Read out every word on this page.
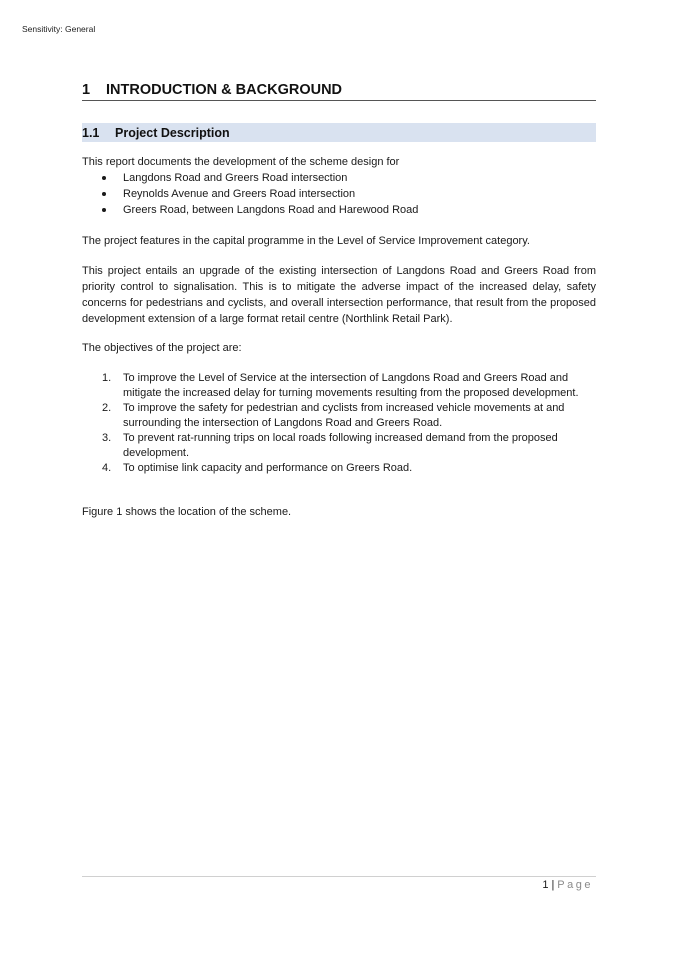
Sensitivity: General
1	INTRODUCTION & BACKGROUND
1.1	Project Description

This report documents the development of the scheme design for

Langdons Road and Greers Road intersection
Reynolds Avenue and Greers Road intersection
Greers Road, between Langdons Road and Harewood Road

The project features in the capital programme in the Level of Service Improvement category.

This project entails an upgrade of the existing intersection of Langdons Road and Greers Road from priority control to signalisation. This is to mitigate the adverse impact of the increased delay, safety concerns for pedestrians and cyclists, and overall intersection performance, that result from the proposed development extension of a large format retail centre (Northlink Retail Park).

The objectives of the project are:

1. To improve the Level of Service at the intersection of Langdons Road and Greers Road and mitigate the increased delay for turning movements resulting from the proposed development.
2. To improve the safety for pedestrian and cyclists from increased vehicle movements at and surrounding the intersection of Langdons Road and Greers Road.
3. To prevent rat-running trips on local roads following increased demand from the proposed development.
4. To optimise link capacity and performance on Greers Road.

Figure 1 shows the location of the scheme.

1 | Page
